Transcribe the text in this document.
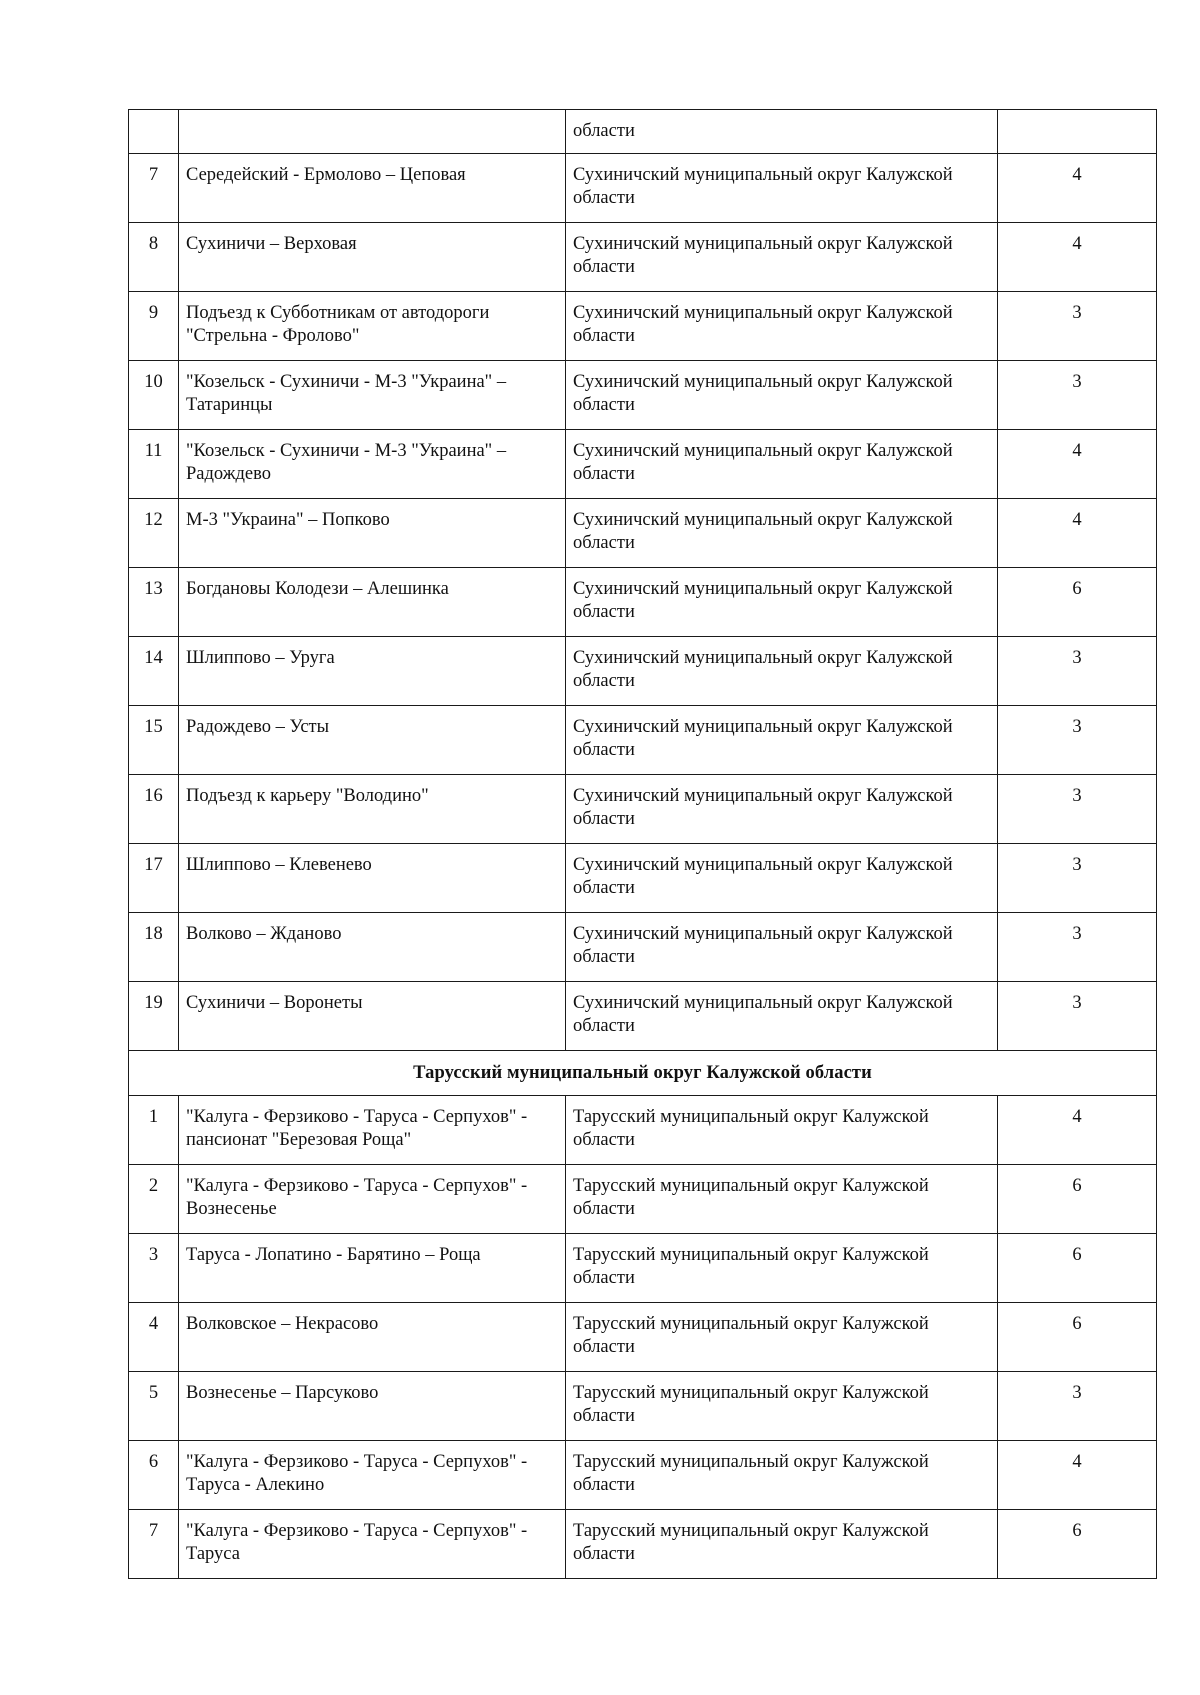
		области	
7	Середейский - Ермолово – Цеповая	Сухиничский муниципальный округ Калужской области	4
8	Сухиничи – Верховая	Сухиничский муниципальный округ Калужской области	4
9	Подъезд к Субботникам от автодороги "Стрельна - Фролово"	Сухиничский муниципальный округ Калужской области	3
10	"Козельск - Сухиничи - М-3 "Украина" – Татаринцы	Сухиничский муниципальный округ Калужской области	3
11	"Козельск - Сухиничи - М-3 "Украина" – Радождево	Сухиничский муниципальный округ Калужской области	4
12	М-3 "Украина" – Попково	Сухиничский муниципальный округ Калужской области	4
13	Богдановы Колодези – Алешинка	Сухиничский муниципальный округ Калужской области	6
14	Шлиппово – Уруга	Сухиничский муниципальный округ Калужской области	3
15	Радождево – Усты	Сухиничский муниципальный округ Калужской области	3
16	Подъезд к карьеру "Володино"	Сухиничский муниципальный округ Калужской области	3
17	Шлиппово – Клевенево	Сухиничский муниципальный округ Калужской области	3
18	Волково – Жданово	Сухиничский муниципальный округ Калужской области	3
19	Сухиничи – Воронеты	Сухиничский муниципальный округ Калужской области	3
Тарусский муниципальный округ Калужской области			
1	"Калуга - Ферзиково - Таруса - Серпухов" - пансионат "Березовая Роща"	Тарусский муниципальный округ Калужской области	4
2	"Калуга - Ферзиково - Таруса - Серпухов" - Вознесенье	Тарусский муниципальный округ Калужской области	6
3	Таруса - Лопатино - Барятино – Роща	Тарусский муниципальный округ Калужской области	6
4	Волковское – Некрасово	Тарусский муниципальный округ Калужской области	6
5	Вознесенье – Парсуково	Тарусский муниципальный округ Калужской области	3
6	"Калуга - Ферзиково - Таруса - Серпухов" - Таруса - Алекино	Тарусский муниципальный округ Калужской области	4
7	"Калуга - Ферзиково - Таруса - Серпухов" - Таруса	Тарусский муниципальный округ Калужской области	6
